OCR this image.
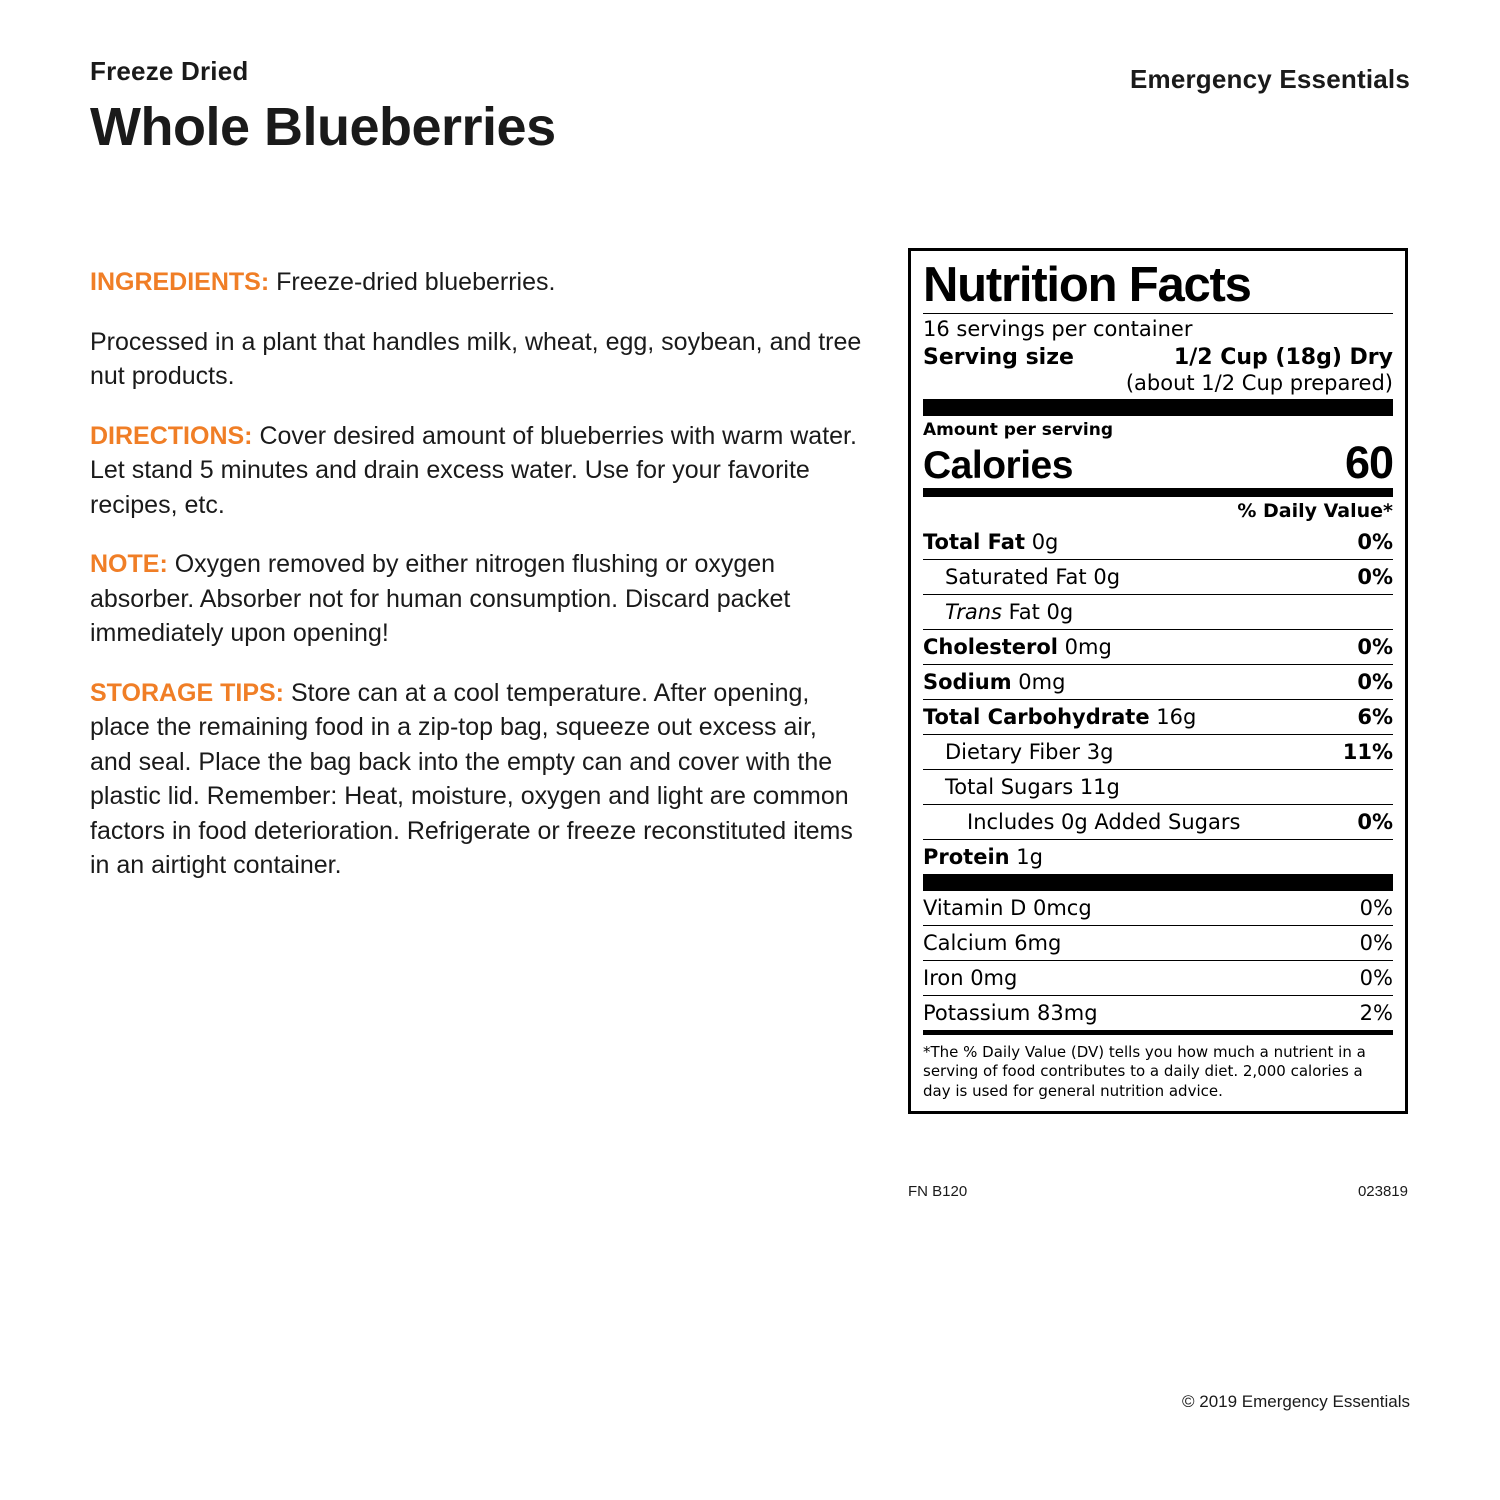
Freeze Dried
Whole Blueberries
Emergency Essentials

INGREDIENTS: Freeze-dried blueberries.

Processed in a plant that handles milk, wheat, egg, soybean, and tree nut products.

DIRECTIONS: Cover desired amount of blueberries with warm water. Let stand 5 minutes and drain excess water. Use for your favorite recipes, etc.

NOTE: Oxygen removed by either nitrogen flushing or oxygen absorber. Absorber not for human consumption. Discard packet immediately upon opening!

STORAGE TIPS: Store can at a cool temperature. After opening, place the remaining food in a zip-top bag, squeeze out excess air, and seal. Place the bag back into the empty can and cover with the plastic lid. Remember: Heat, moisture, oxygen and light are common factors in food deterioration. Refrigerate or freeze reconstituted items in an airtight container.

Nutrition Facts
16 servings per container
Serving size	1/2 Cup (18g) Dry
(about 1/2 Cup prepared)
Amount per serving
Calories	60
% Daily Value*
Total Fat 0g	0%
Saturated Fat 0g	0%
Trans Fat 0g
Cholesterol 0mg	0%
Sodium 0mg	0%
Total Carbohydrate 16g	6%
Dietary Fiber 3g	11%
Total Sugars 11g
Includes 0g Added Sugars	0%
Protein 1g
Vitamin D 0mcg	0%
Calcium 6mg	0%
Iron 0mg	0%
Potassium 83mg	2%
*The % Daily Value (DV) tells you how much a nutrient in a serving of food contributes to a daily diet. 2,000 calories a day is used for general nutrition advice.
FN B120	023819
© 2019 Emergency Essentials
